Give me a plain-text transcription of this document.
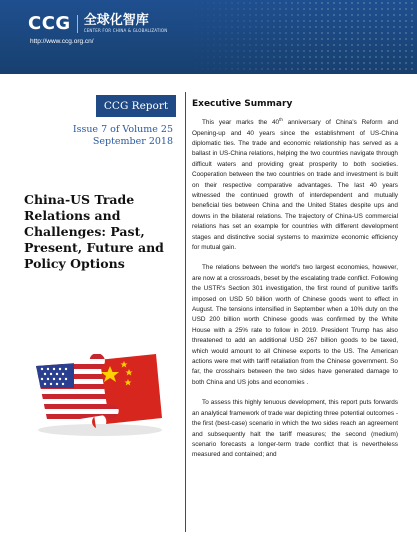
CCG 全球化智库
CENTER FOR CHINA & GLOBALIZATION
http://www.ccg.org.cn/
CCG Report
Issue 7 of Volume 25
September 2018
China-US Trade Relations and Challenges: Past, Present, Future and Policy Options
Executive Summary

This year marks the 40th anniversary of China's Reform and Opening-up and 40 years since the establishment of US-China diplomatic ties. The trade and economic relationship has served as a ballast in US-China relations, helping the two countries navigate through difficult waters and providing great prosperity to both societies. Cooperation between the two countries on trade and investment is built on their respective comparative advantages. The last 40 years witnessed the continued growth of interdependent and mutually beneficial ties between China and the United States despite ups and downs in the bilateral relations. The trajectory of China-US commercial relations has set an example for countries with different development stages and distinctive social systems to maximize economic efficiency for mutual gain.

The relations between the world's two largest economies, however, are now at a crossroads, beset by the escalating trade conflict. Following the USTR's Section 301 investigation, the first round of punitive tariffs imposed on USD 50 billion worth of Chinese goods went to effect in August. The tensions intensified in September when a 10% duty on the USD 200 billion worth Chinese goods was confirmed by the White House with a 25% rate to follow in 2019. President Trump has also threatened to add an additional USD 267 billion goods to be taxed, which would amount to all Chinese exports to the US. The American actions were met with tariff retaliation from the Chinese government. So far, the crosshairs between the two sides have generated damage to both China and US jobs and economies .

To assess this highly tenuous development, this report puts forwards an analytical framework of trade war depicting three potential outcomes - the first (best-case) scenario in which the two sides reach an agreement and subsequently halt the tariff measures; the second (medium) scenario forecasts a longer-term trade conflict that is nevertheless measured and contained; and
